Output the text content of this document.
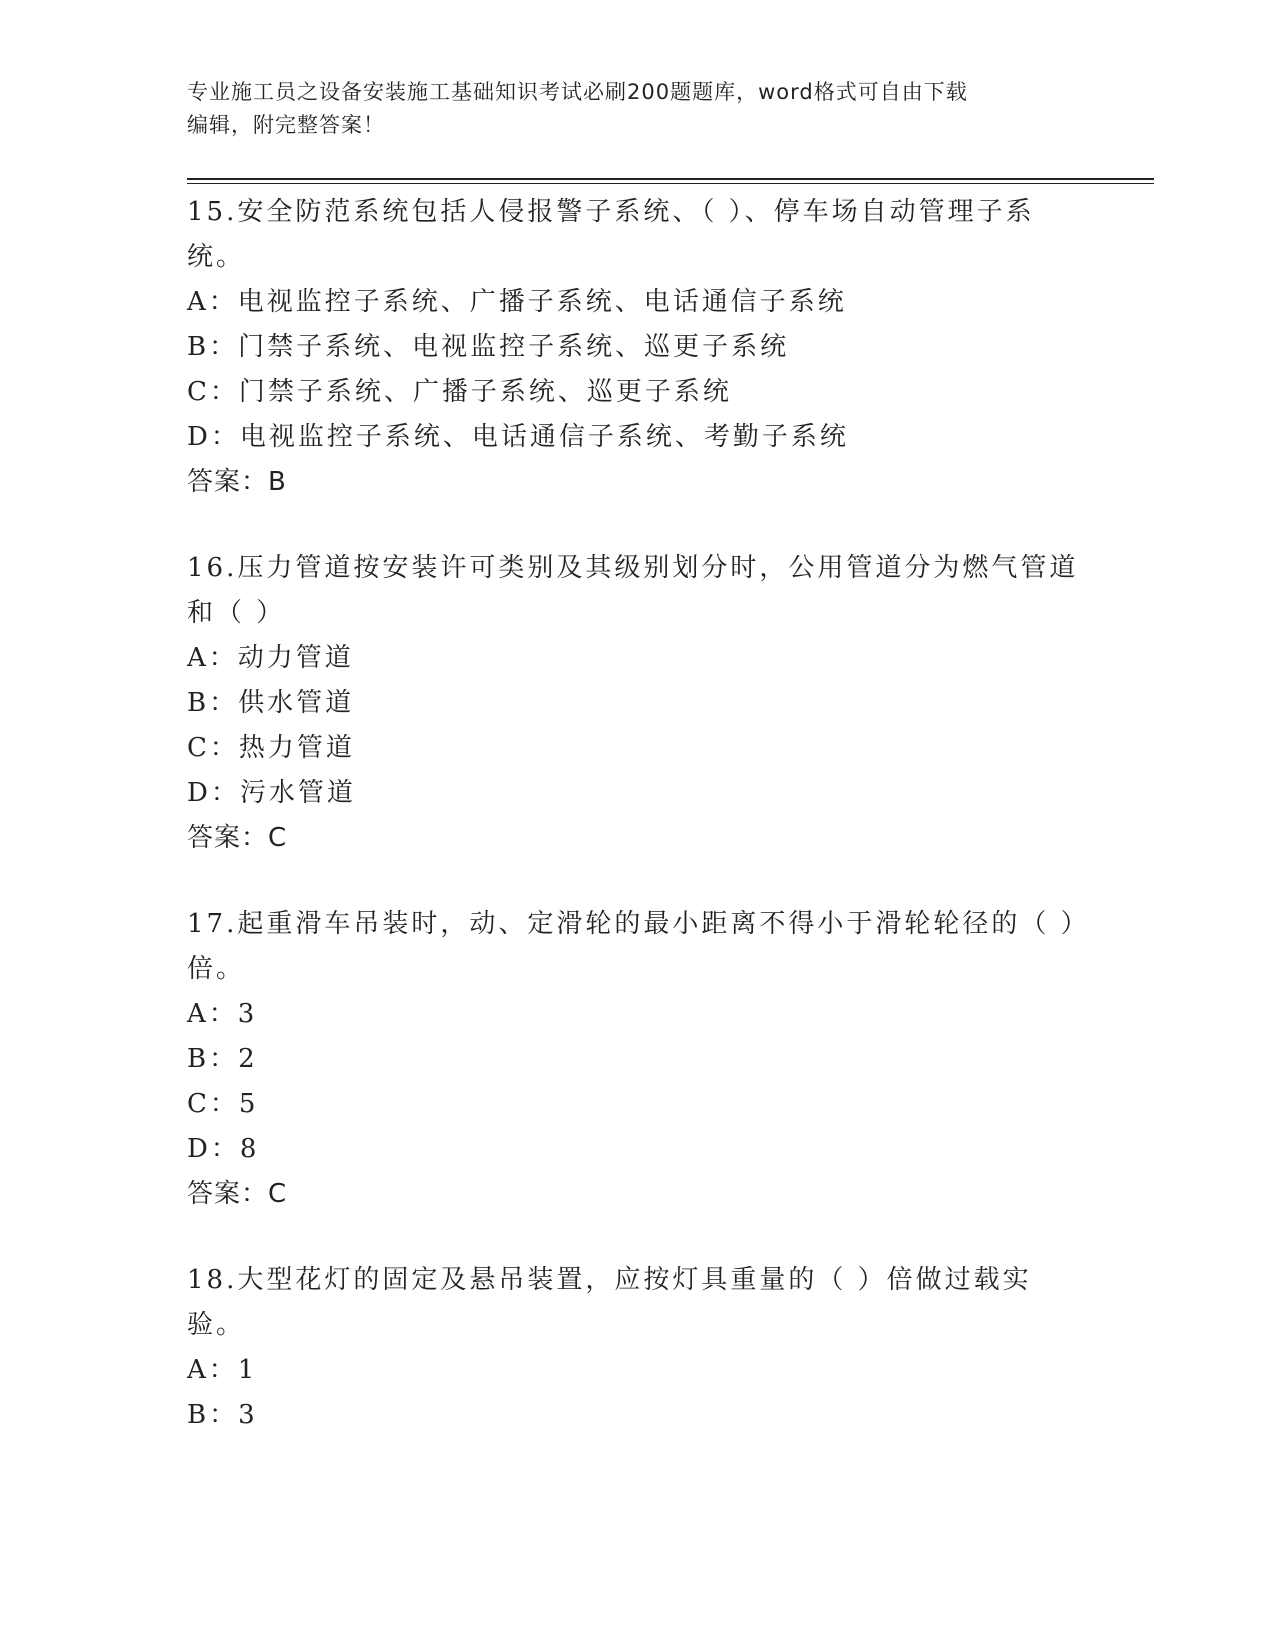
专业施工员之设备安装施工基础知识考试必刷200题题库，word格式可自由下载
编辑，附完整答案！

15.安全防范系统包括人侵报警子系统、（ ）、停车场自动管理子系统。

A：电视监控子系统、广播子系统、电话通信子系统

B：门禁子系统、电视监控子系统、巡更子系统

C：门禁子系统、广播子系统、巡更子系统

D：电视监控子系统、电话通信子系统、考勤子系统

答案：B

16.压力管道按安装许可类别及其级别划分时，公用管道分为燃气管道和（ ）

A：动力管道

B：供水管道

C：热力管道

D：污水管道

答案：C

17.起重滑车吊装时，动、定滑轮的最小距离不得小于滑轮轮径的（ ）倍。

A：3

B：2

C：5

D：8

答案：C

18.大型花灯的固定及悬吊装置，应按灯具重量的（ ）倍做过载实验。

A：1

B：3
